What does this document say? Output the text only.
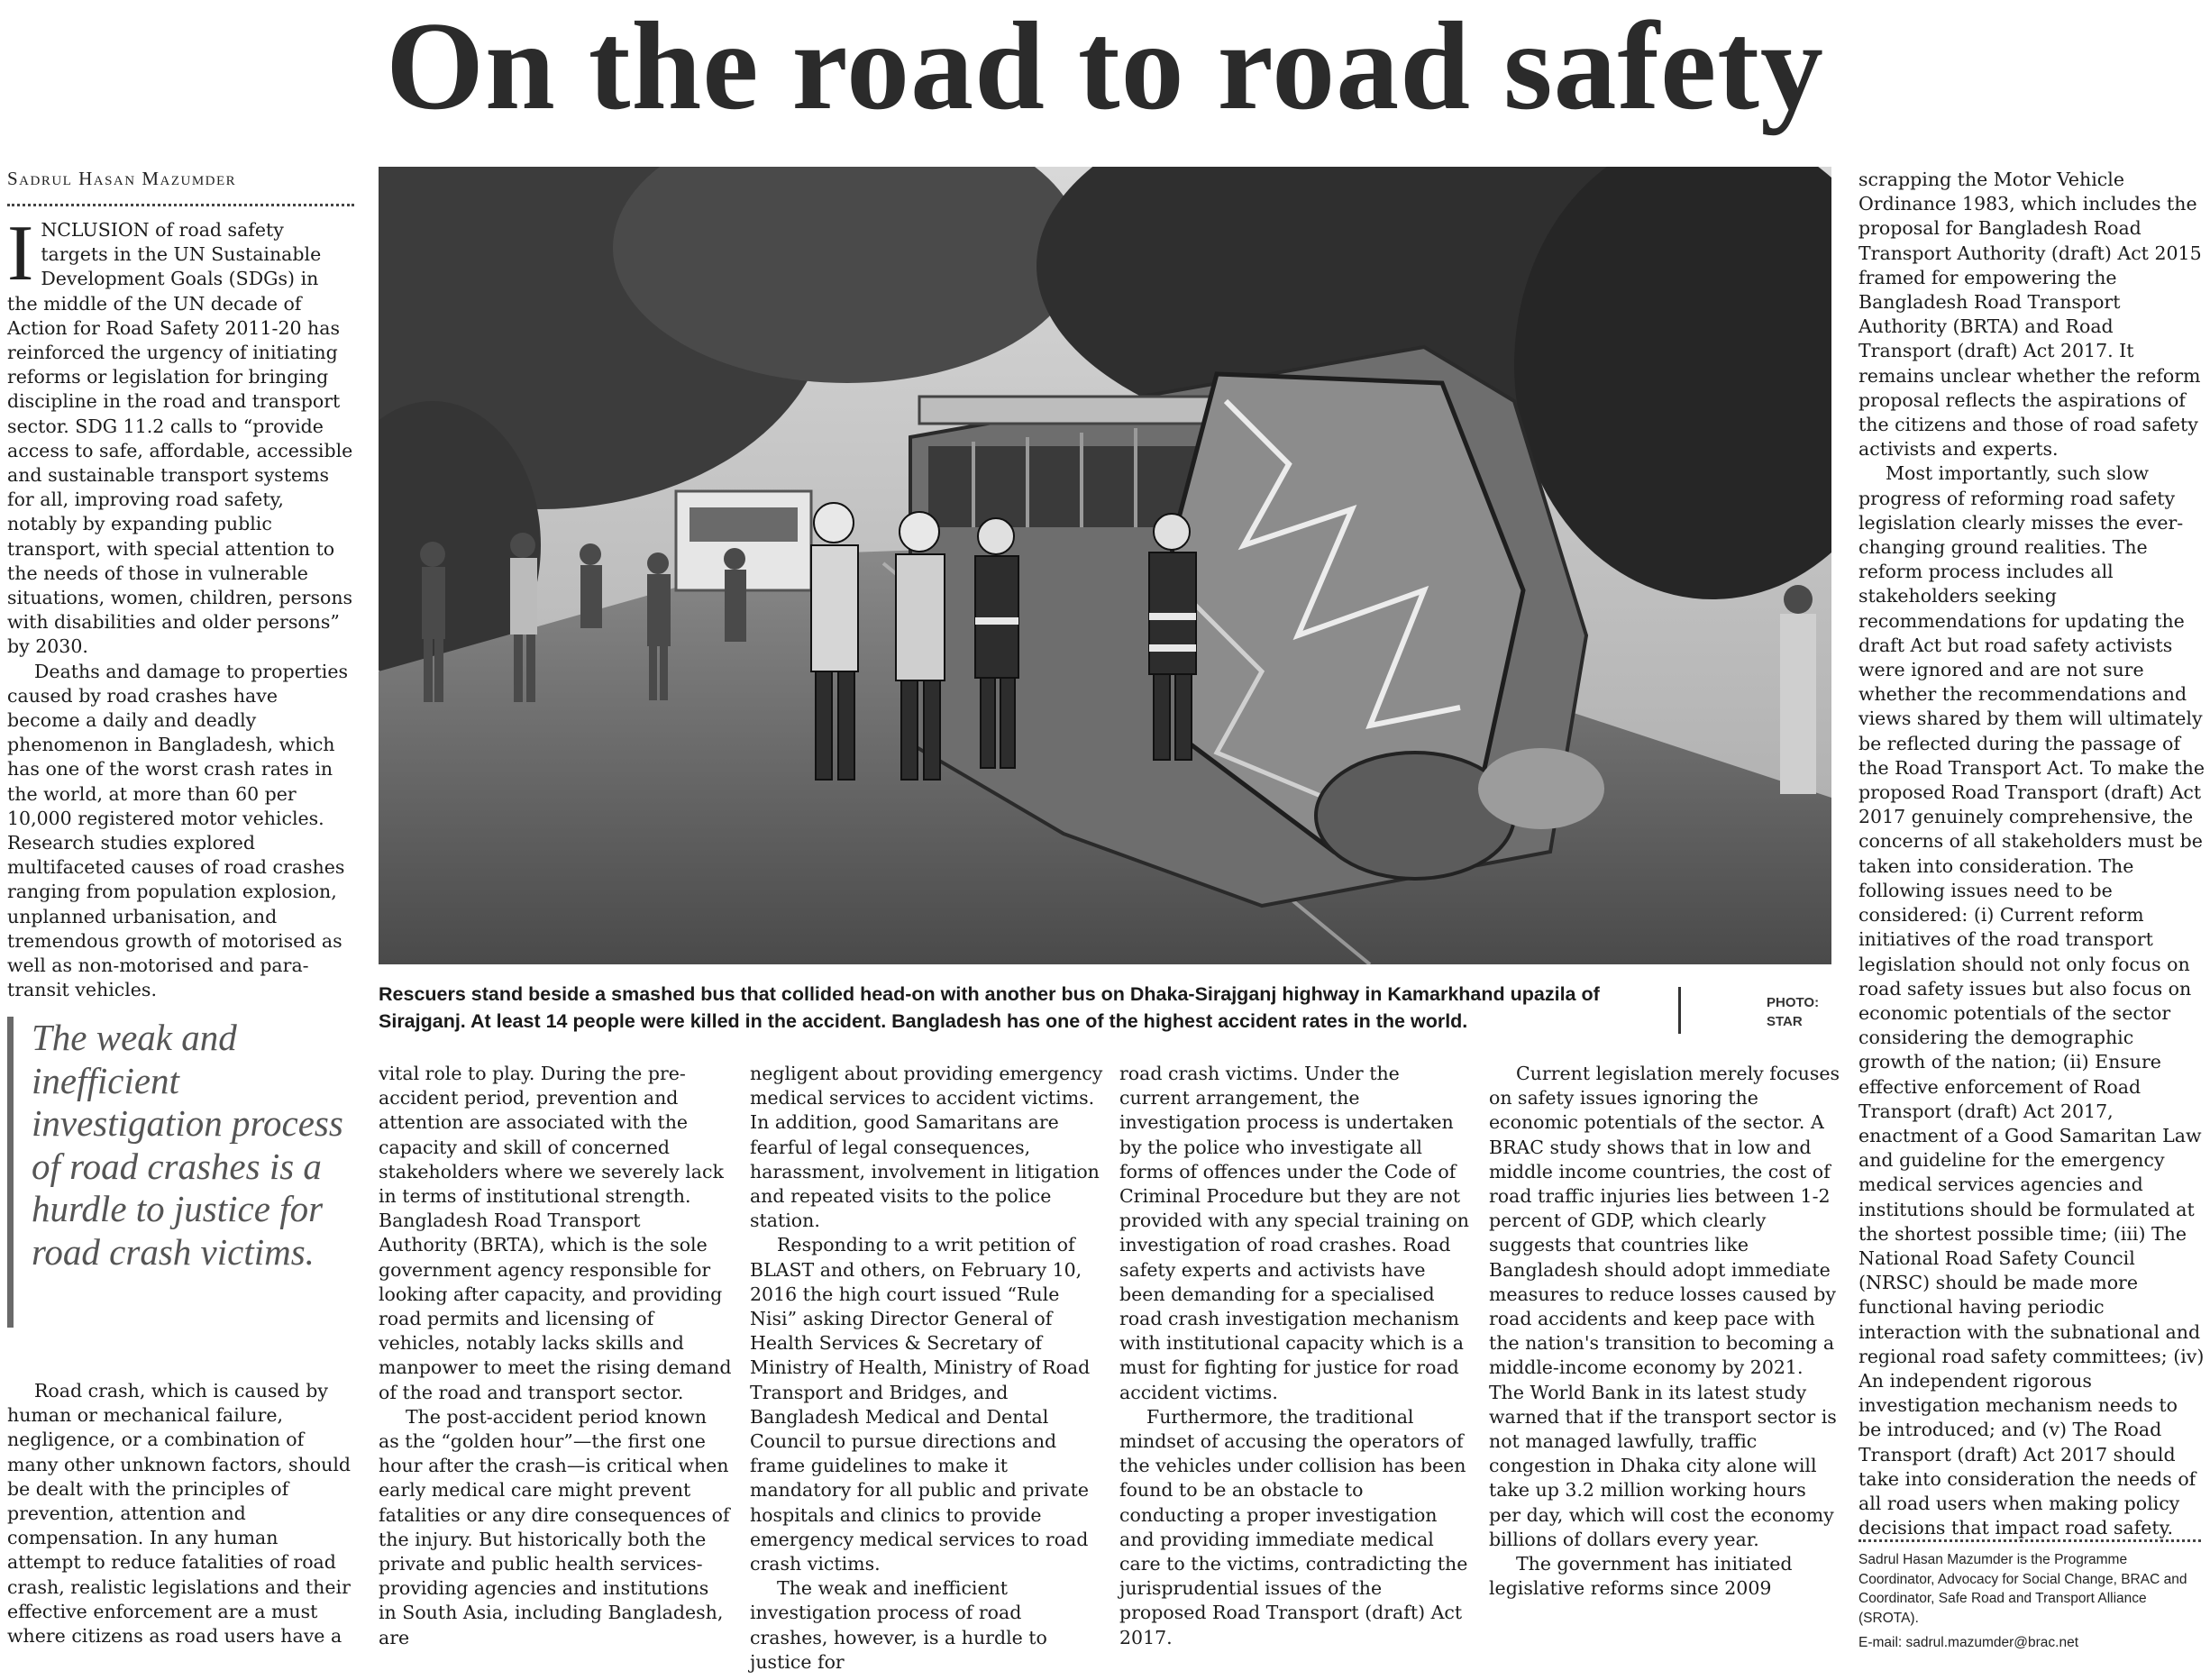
On the road to road safety
Sadrul Hasan Mazumder

INCLUSION of road safety targets in the UN Sustainable Development Goals (SDGs) in the middle of the UN decade of Action for Road Safety 2011-20 has reinforced the urgency of initiating reforms or legislation for bringing discipline in the road and transport sector. SDG 11.2 calls to “provide access to safe, affordable, accessible and sustainable transport systems for all, improving road safety, notably by expanding public transport, with special attention to the needs of those in vulnerable situations, women, children, persons with disabilities and older persons” by 2030.

Deaths and damage to properties caused by road crashes have become a daily and deadly phenomenon in Bangladesh, which has one of the worst crash rates in the world, at more than 60 per 10,000 registered motor vehicles. Research studies explored multifaceted causes of road crashes ranging from population explosion, unplanned urbanisation, and tremendous growth of motorised as well as non-motorised and para-transit vehicles.

The weak and inefficient investigation process of road crashes is a hurdle to justice for road crash victims.

Road crash, which is caused by human or mechanical failure, negligence, or a combination of many other unknown factors, should be dealt with the principles of prevention, attention and compensation. In any human attempt to reduce fatalities of road crash, realistic legislations and their effective enforcement are a must where citizens as road users have a

Rescuers stand beside a smashed bus that collided head-on with another bus on Dhaka-Sirajganj highway in Kamarkhand upazila of Sirajganj. At least 14 people were killed in the accident. Bangladesh has one of the highest accident rates in the world.
PHOTO:
STAR

vital role to play. During the pre-accident period, prevention and attention are associated with the capacity and skill of concerned stakeholders where we severely lack in terms of institutional strength. Bangladesh Road Transport Authority (BRTA), which is the sole government agency responsible for looking after capacity, and providing road permits and licensing of vehicles, notably lacks skills and manpower to meet the rising demand of the road and transport sector.

The post-accident period known as the “golden hour”—the first one hour after the crash—is critical when early medical care might prevent fatalities or any dire consequences of the injury. But historically both the private and public health services-providing agencies and institutions in South Asia, including Bangladesh, are

negligent about providing emergency medical services to accident victims. In addition, good Samaritans are fearful of legal consequences, harassment, involvement in litigation and repeated visits to the police station.

Responding to a writ petition of BLAST and others, on February 10, 2016 the high court issued “Rule Nisi” asking Director General of Health Services & Secretary of Ministry of Health, Ministry of Road Transport and Bridges, and Bangladesh Medical and Dental Council to pursue directions and frame guidelines to make it mandatory for all public and private hospitals and clinics to provide emergency medical services to road crash victims.

The weak and inefficient investigation process of road crashes, however, is a hurdle to justice for

road crash victims. Under the current arrangement, the investigation process is undertaken by the police who investigate all forms of offences under the Code of Criminal Procedure but they are not provided with any special training on investigation of road crashes. Road safety experts and activists have been demanding for a specialised road crash investigation mechanism with institutional capacity which is a must for fighting for justice for road accident victims.

Furthermore, the traditional mindset of accusing the operators of the vehicles under collision has been found to be an obstacle to conducting a proper investigation and providing immediate medical care to the victims, contradicting the jurisprudential issues of the proposed Road Transport (draft) Act 2017.

Current legislation merely focuses on safety issues ignoring the economic potentials of the sector. A BRAC study shows that in low and middle income countries, the cost of road traffic injuries lies between 1-2 percent of GDP, which clearly suggests that countries like Bangladesh should adopt immediate measures to reduce losses caused by road accidents and keep pace with the nation's transition to becoming a middle-income economy by 2021. The World Bank in its latest study warned that if the transport sector is not managed lawfully, traffic congestion in Dhaka city alone will take up 3.2 million working hours per day, which will cost the economy billions of dollars every year.

The government has initiated legislative reforms since 2009

scrapping the Motor Vehicle Ordinance 1983, which includes the proposal for Bangladesh Road Transport Authority (draft) Act 2015 framed for empowering the Bangladesh Road Transport Authority (BRTA) and Road Transport (draft) Act 2017. It remains unclear whether the reform proposal reflects the aspirations of the citizens and those of road safety activists and experts.

Most importantly, such slow progress of reforming road safety legislation clearly misses the ever-changing ground realities. The reform process includes all stakeholders seeking recommendations for updating the draft Act but road safety activists were ignored and are not sure whether the recommendations and views shared by them will ultimately be reflected during the passage of the Road Transport Act. To make the proposed Road Transport (draft) Act 2017 genuinely comprehensive, the concerns of all stakeholders must be taken into consideration. The following issues need to be considered: (i) Current reform initiatives of the road transport legislation should not only focus on road safety issues but also focus on economic potentials of the sector considering the demographic growth of the nation; (ii) Ensure effective enforcement of Road Transport (draft) Act 2017, enactment of a Good Samaritan Law and guideline for the emergency medical services agencies and institutions should be formulated at the shortest possible time; (iii) The National Road Safety Council (NRSC) should be made more functional having periodic interaction with the subnational and regional road safety committees; (iv) An independent rigorous investigation mechanism needs to be introduced; and (v) The Road Transport (draft) Act 2017 should take into consideration the needs of all road users when making policy decisions that impact road safety.

Sadrul Hasan Mazumder is the Programme Coordinator, Advocacy for Social Change, BRAC and Coordinator, Safe Road and Transport Alliance (SROTA).
E-mail: sadrul.mazumder@brac.net
